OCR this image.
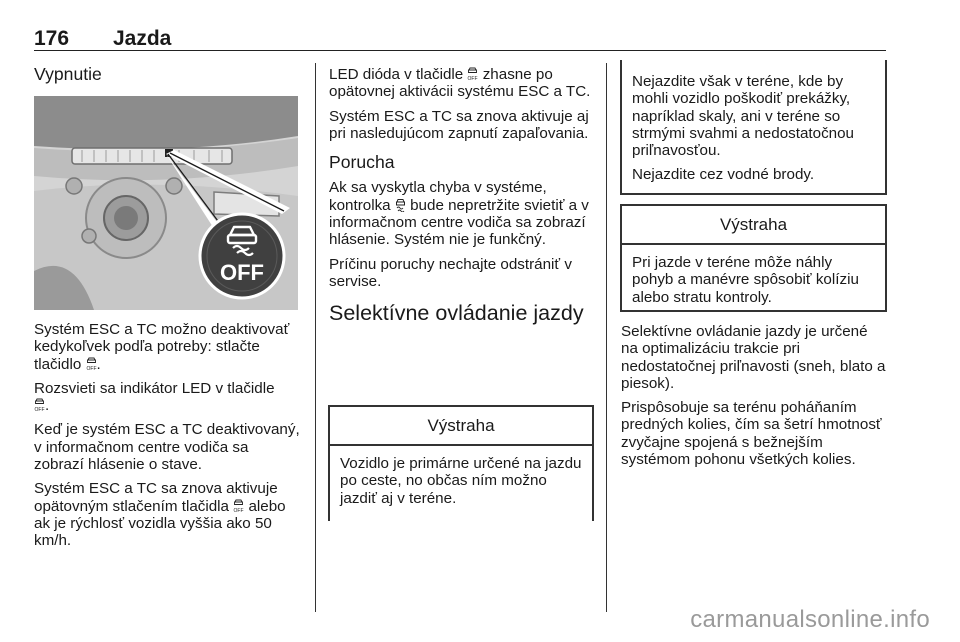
176 Jazda
Vypnutie
OFF

Systém ESC a TC možno deaktivovať kedykoľvek podľa potreby: stlačte tlačidlo OFF .

Rozsvieti sa indikátor LED v tlačidle

OFF .

Keď je systém ESC a TC deaktivovaný, v informačnom centre vodiča sa zobrazí hlásenie o stave.

Systém ESC a TC sa znova aktivuje opätovným stlačením tlačidla OFF alebo ak je rýchlosť vozidla vyššia ako 50 km/h.

LED dióda v tlačidle OFF zhasne po opätovnej aktivácii systému ESC a TC.

Systém ESC a TC sa znova aktivuje aj pri nasledujúcom zapnutí zapaľovania.

Porucha

Ak sa vyskytla chyba v systéme, kontrolka bude nepretržite svietiť a v informačnom centre vodiča sa zobrazí hlásenie. Systém nie je funkčný.

Príčinu poruchy nechajte odstrániť v servise.

Selektívne ovládanie jazdy
Výstraha
Vozidlo je primárne určené na jazdu po ceste, no občas ním možno jazdiť aj v teréne.

Nejazdite však v teréne, kde by mohli vozidlo poškodiť prekážky, napríklad skaly, ani v teréne so strmými svahmi a nedostatočnou priľnavosťou.

Nejazdite cez vodné brody.

Výstraha
Pri jazde v teréne môže náhly pohyb a manévre spôsobiť kolíziu alebo stratu kontroly.

Selektívne ovládanie jazdy je určené na optimalizáciu trakcie pri nedostatočnej priľnavosti (sneh, blato a piesok).

Prispôsobuje sa terénu poháňaním predných kolies, čím sa šetrí hmotnosť zvyčajne spojená s bežnejším systémom pohonu všetkých kolies.

carmanualsonline.info
